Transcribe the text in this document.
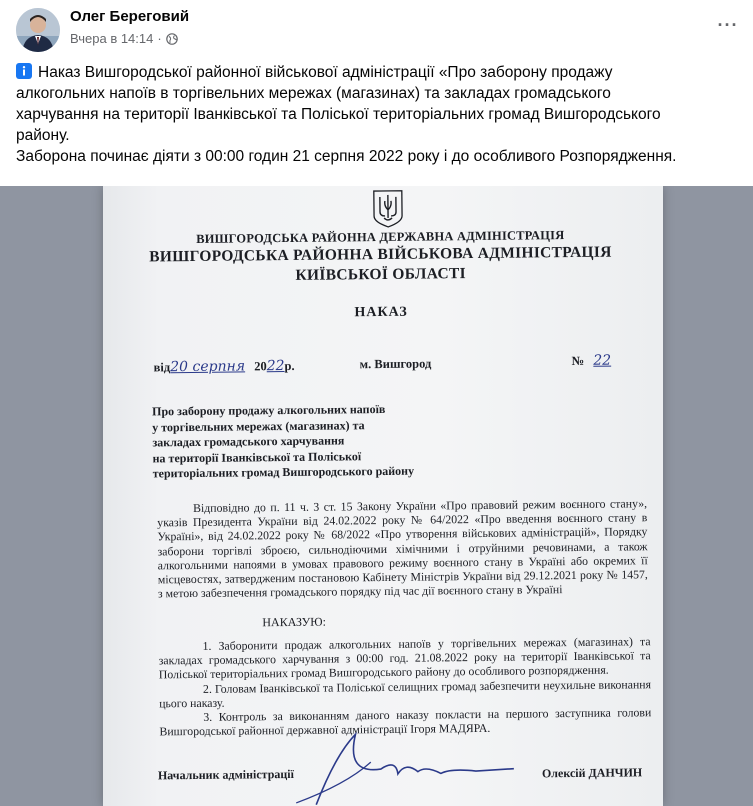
Олег Береговий
Вчера в 14:14 ·
···
Наказ Вишгородської районної військової адміністрації «Про заборону продажу
алкогольних напоїв в торгівельних мережах (магазинах) та закладах громадського
харчування на території Іванківської та Поліської територіальних громад Вишгородського
району.
Заборона починає діяти з 00:00 годин 21 серпня 2022 року і до особливого Розпорядження.
ВИШГОРОДСЬКА РАЙОННА ДЕРЖАВНА АДМІНІСТРАЦІЯ
ВИШГОРОДСЬКА РАЙОННА ВІЙСЬКОВА АДМІНІСТРАЦІЯ
КИЇВСЬКОЇ ОБЛАСТІ
НАКАЗ
від20 серпня 2022р.	м. Вишгород	№ 22
Про заборону продажу алкогольних напоїв
у торгівельних мережах (магазинах) та
закладах громадського харчування
на території Іванківської та Поліської
територіальних громад Вишгородського району
Відповідно до п. 11 ч. 3 ст. 15 Закону України «Про правовий режим воєнного стану», указів Президента України від 24.02.2022 року № 64/2022 «Про введення воєнного стану в Україні», від 24.02.2022 року № 68/2022 «Про утворення військових адміністрацій», Порядку заборони торгівлі зброєю, сильнодіючими хімічними і отруйними речовинами, а також алкогольними напоями в умовах правового режиму воєнного стану в Україні або окремих її місцевостях, затвердженим постановою Кабінету Міністрів України від 29.12.2021 року № 1457, з метою забезпечення громадського порядку під час дії воєнного стану в Україні
НАКАЗУЮ:
1. Заборонити продаж алкогольних напоїв у торгівельних мережах (магазинах) та закладах громадського харчування з 00:00 год. 21.08.2022 року на території Іванківської та Поліської територіальних громад Вишгородського району до особливого розпорядження.
2. Головам Іванківської та Поліської селищних громад забезпечити неухильне виконання цього наказу.
3. Контроль за виконанням даного наказу покласти на першого заступника голови Вишгородської районної державної адміністрації Ігоря МАДЯРА.
Начальник адміністрації	Олексій ДАНЧИН
